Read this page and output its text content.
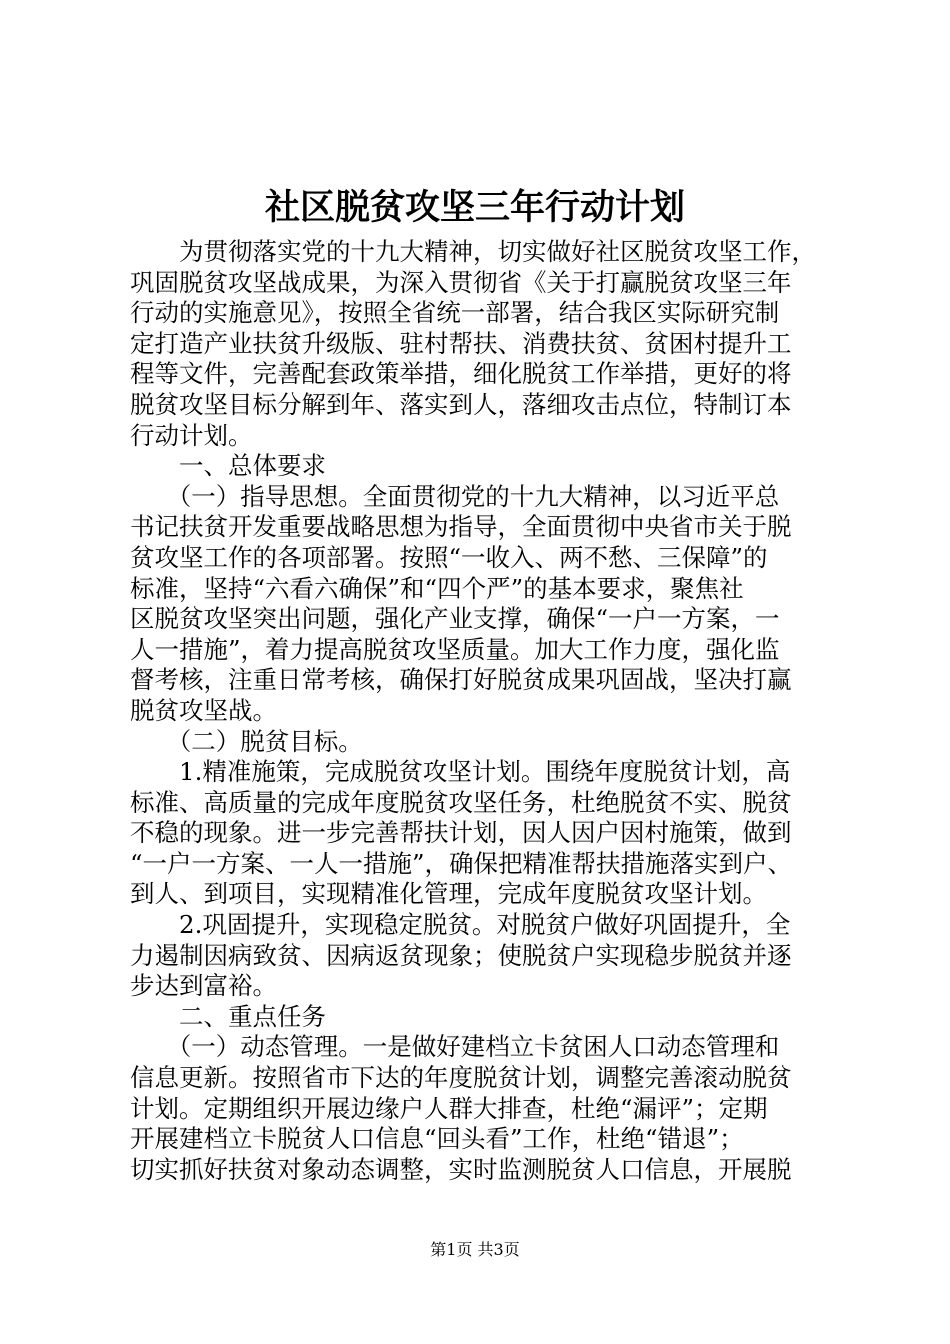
社区脱贫攻坚三年行动计划
　　为贯彻落实党的十九大精神，切实做好社区脱贫攻坚工作，
巩固脱贫攻坚战成果，为深入贯彻省《关于打赢脱贫攻坚三年
行动的实施意见》，按照全省统一部署，结合我区实际研究制
定打造产业扶贫升级版、驻村帮扶、消费扶贫、贫困村提升工
程等文件，完善配套政策举措，细化脱贫工作举措，更好的将
脱贫攻坚目标分解到年、落实到人，落细攻击点位，特制订本
行动计划。
　　一、总体要求
　　（一）指导思想。全面贯彻党的十九大精神，以习近平总
书记扶贫开发重要战略思想为指导，全面贯彻中央省市关于脱
贫攻坚工作的各项部署。按照“一收入、两不愁、三保障”的
标准，坚持“六看六确保”和“四个严”的基本要求，聚焦社
区脱贫攻坚突出问题，强化产业支撑，确保“一户一方案，一
人一措施”，着力提高脱贫攻坚质量。加大工作力度，强化监
督考核，注重日常考核，确保打好脱贫成果巩固战，坚决打赢
脱贫攻坚战。
　　（二）脱贫目标。
　　1.精准施策，完成脱贫攻坚计划。围绕年度脱贫计划，高
标准、高质量的完成年度脱贫攻坚任务，杜绝脱贫不实、脱贫
不稳的现象。进一步完善帮扶计划，因人因户因村施策，做到
“一户一方案、一人一措施”，确保把精准帮扶措施落实到户、
到人、到项目，实现精准化管理，完成年度脱贫攻坚计划。
　　2.巩固提升，实现稳定脱贫。对脱贫户做好巩固提升，全
力遏制因病致贫、因病返贫现象；使脱贫户实现稳步脱贫并逐
步达到富裕。
　　二、重点任务
　　（一）动态管理。一是做好建档立卡贫困人口动态管理和
信息更新。按照省市下达的年度脱贫计划，调整完善滚动脱贫
计划。定期组织开展边缘户人群大排查，杜绝“漏评”；定期
开展建档立卡脱贫人口信息“回头看”工作，杜绝“错退”；
切实抓好扶贫对象动态调整，实时监测脱贫人口信息，开展脱
第1页 共3页
